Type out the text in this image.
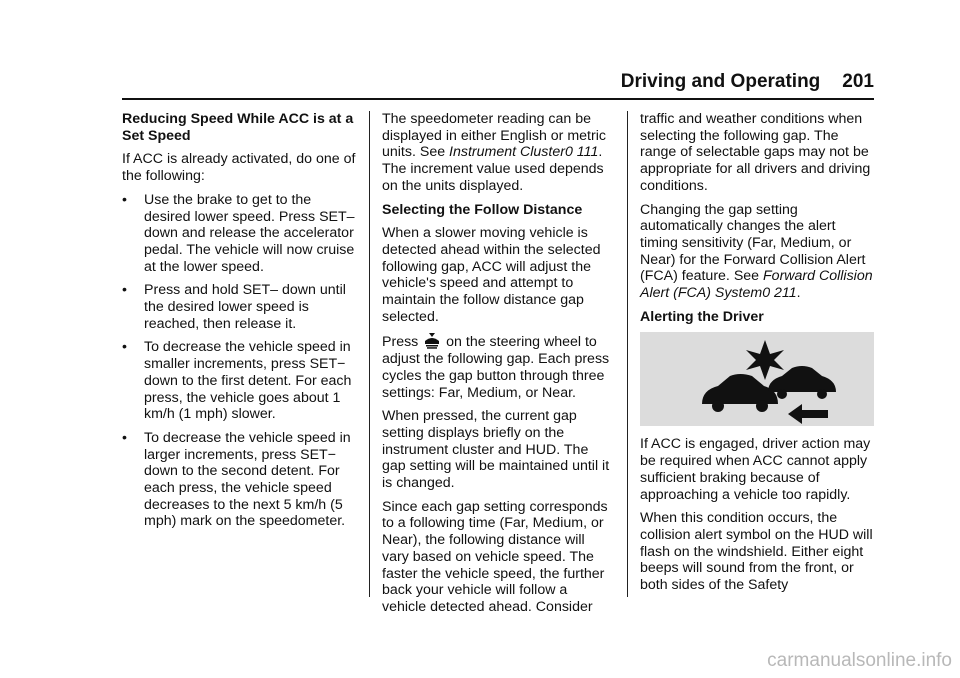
Driving and Operating 201

Reducing Speed While ACC is at a Set Speed

If ACC is already activated, do one of the following:

•	Use the brake to get to the desired lower speed. Press SET– down and release the accelerator pedal. The vehicle will now cruise at the lower speed.
•	Press and hold SET– down until the desired lower speed is reached, then release it.
•	To decrease the vehicle speed in smaller increments, press SET− down to the first detent. For each press, the vehicle goes about 1 km/h (1 mph) slower.
•	To decrease the vehicle speed in larger increments, press SET− down to the second detent. For each press, the vehicle speed decreases to the next 5 km/h (5 mph) mark on the speedometer.

The speedometer reading can be displayed in either English or metric units. See Instrument Cluster0 111. The increment value used depends on the units displayed.

Selecting the Follow Distance

When a slower moving vehicle is detected ahead within the selected following gap, ACC will adjust the vehicle's speed and attempt to maintain the follow distance gap selected.

Press  on the steering wheel to adjust the following gap. Each press cycles the gap button through three settings: Far, Medium, or Near.

When pressed, the current gap setting displays briefly on the instrument cluster and HUD. The gap setting will be maintained until it is changed.

Since each gap setting corresponds to a following time (Far, Medium, or Near), the following distance will vary based on vehicle speed. The faster the vehicle speed, the further back your vehicle will follow a vehicle detected ahead. Consider

traffic and weather conditions when selecting the following gap. The range of selectable gaps may not be appropriate for all drivers and driving conditions.

Changing the gap setting automatically changes the alert timing sensitivity (Far, Medium, or Near) for the Forward Collision Alert (FCA) feature. See Forward Collision Alert (FCA) System0 211.

Alerting the Driver

If ACC is engaged, driver action may be required when ACC cannot apply sufficient braking because of approaching a vehicle too rapidly.

When this condition occurs, the collision alert symbol on the HUD will flash on the windshield. Either eight beeps will sound from the front, or both sides of the Safety

carmanualsonline.info
